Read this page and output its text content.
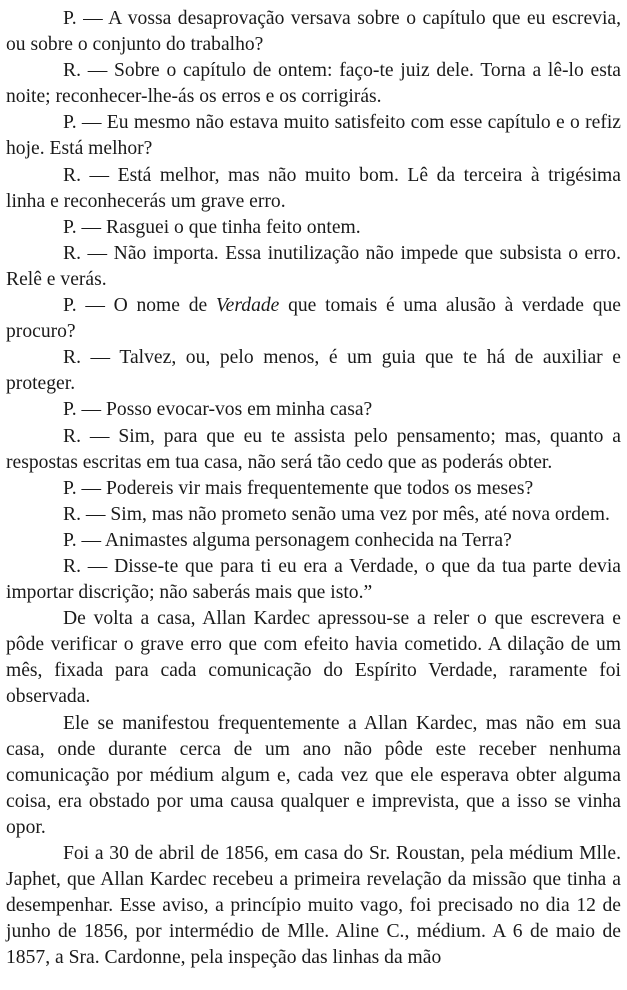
P. — A vossa desaprovação versava sobre o capítulo que eu escrevia, ou sobre o conjunto do trabalho?

R. — Sobre o capítulo de ontem: faço-te juiz dele. Torna a lê-lo esta noite; reconhecer-lhe-ás os erros e os corrigirás.

P. — Eu mesmo não estava muito satisfeito com esse capítulo e o refiz hoje. Está melhor?

R. — Está melhor, mas não muito bom. Lê da terceira à trigésima linha e reconhecerás um grave erro.

P. — Rasguei o que tinha feito ontem.

R. — Não importa. Essa inutilização não impede que subsista o erro. Relê e verás.

P. — O nome de Verdade que tomais é uma alusão à verdade que procuro?

R. — Talvez, ou, pelo menos, é um guia que te há de auxiliar e proteger.

P. — Posso evocar-vos em minha casa?

R. — Sim, para que eu te assista pelo pensamento; mas, quanto a respostas escritas em tua casa, não será tão cedo que as poderás obter.

P. — Podereis vir mais frequentemente que todos os meses?

R. — Sim, mas não prometo senão uma vez por mês, até nova ordem.

P. — Animastes alguma personagem conhecida na Terra?

R. — Disse-te que para ti eu era a Verdade, o que da tua parte devia importar discrição; não saberás mais que isto.”

De volta a casa, Allan Kardec apressou-se a reler o que escrevera e pôde verificar o grave erro que com efeito havia cometido. A dilação de um mês, fixada para cada comunicação do Espírito Verdade, raramente foi observada.

Ele se manifestou frequentemente a Allan Kardec, mas não em sua casa, onde durante cerca de um ano não pôde este receber nenhuma comunicação por médium algum e, cada vez que ele esperava obter alguma coisa, era obstado por uma causa qualquer e imprevista, que a isso se vinha opor.

Foi a 30 de abril de 1856, em casa do Sr. Roustan, pela médium Mlle. Japhet, que Allan Kardec recebeu a primeira revelação da missão que tinha a desempenhar. Esse aviso, a princípio muito vago, foi precisado no dia 12 de junho de 1856, por intermédio de Mlle. Aline C., médium. A 6 de maio de 1857, a Sra. Cardonne, pela inspeção das linhas da mão
